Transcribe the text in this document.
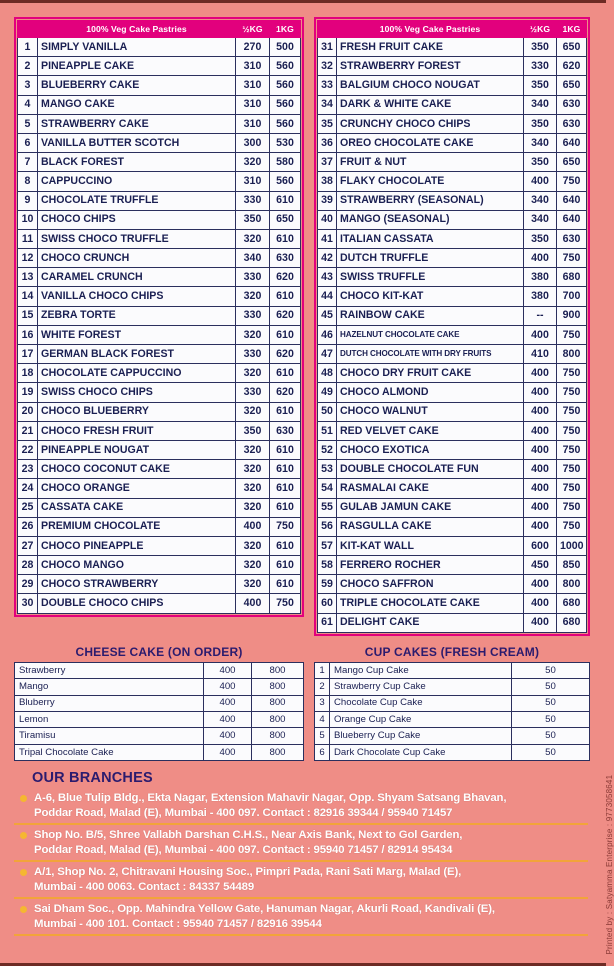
	100% Veg Cake Pastries	½KG	1KG
1	SIMPLY VANILLA	270	500
2	PINEAPPLE CAKE	310	560
3	BLUEBERRY CAKE	310	560
4	MANGO CAKE	310	560
5	STRAWBERRY CAKE	310	560
6	VANILLA BUTTER SCOTCH	300	530
7	BLACK FOREST	320	580
8	CAPPUCCINO	310	560
9	CHOCOLATE TRUFFLE	330	610
10	CHOCO CHIPS	350	650
11	SWISS CHOCO TRUFFLE	320	610
12	CHOCO CRUNCH	340	630
13	CARAMEL CRUNCH	330	620
14	VANILLA CHOCO CHIPS	320	610
15	ZEBRA TORTE	330	620
16	WHITE FOREST	320	610
17	GERMAN BLACK FOREST	330	620
18	CHOCOLATE CAPPUCCINO	320	610
19	SWISS CHOCO CHIPS	330	620
20	CHOCO BLUEBERRY	320	610
21	CHOCO FRESH FRUIT	350	630
22	PINEAPPLE NOUGAT	320	610
23	CHOCO COCONUT CAKE	320	610
24	CHOCO ORANGE	320	610
25	CASSATA CAKE	320	610
26	PREMIUM CHOCOLATE	400	750
27	CHOCO PINEAPPLE	320	610
28	CHOCO MANGO	320	610
29	CHOCO STRAWBERRY	320	610
30	DOUBLE CHOCO CHIPS	400	750
	100% Veg Cake Pastries	½KG	1KG
31	FRESH FRUIT CAKE	350	650
32	STRAWBERRY FOREST	330	620
33	BALGIUM CHOCO NOUGAT	350	650
34	DARK & WHITE CAKE	340	630
35	CRUNCHY CHOCO CHIPS	350	630
36	OREO CHOCOLATE CAKE	340	640
37	FRUIT & NUT	350	650
38	FLAKY CHOCOLATE	400	750
39	STRAWBERRY (SEASONAL)	340	640
40	MANGO (SEASONAL)	340	640
41	ITALIAN CASSATA	350	630
42	DUTCH TRUFFLE	400	750
43	SWISS TRUFFLE	380	680
44	CHOCO KIT-KAT	380	700
45	RAINBOW CAKE	--	900
46	HAZELNUT CHOCOLATE CAKE	400	750
47	DUTCH CHOCOLATE WITH DRY FRUITS	410	800
48	CHOCO DRY FRUIT CAKE	400	750
49	CHOCO ALMOND	400	750
50	CHOCO WALNUT	400	750
51	RED VELVET CAKE	400	750
52	CHOCO EXOTICA	400	750
53	DOUBLE CHOCOLATE FUN	400	750
54	RASMALAI CAKE	400	750
55	GULAB JAMUN CAKE	400	750
56	RASGULLA CAKE	400	750
57	KIT-KAT WALL	600	1000
58	FERRERO ROCHER	450	850
59	CHOCO SAFFRON	400	800
60	TRIPLE CHOCOLATE CAKE	400	680
61	DELIGHT CAKE	400	680
CHEESE CAKE (ON ORDER)
Strawberry	400	800
Mango	400	800
Bluberry	400	800
Lemon	400	800
Tiramisu	400	800
Tripal Chocolate Cake	400	800
CUP CAKES (FRESH CREAM)
1	Mango Cup Cake	50
2	Strawberry Cup Cake	50
3	Chocolate Cup Cake	50
4	Orange Cup Cake	50
5	Blueberry Cup Cake	50
6	Dark Chocolate Cup Cake	50
OUR BRANCHES
A-6, Blue Tulip Bldg., Ekta Nagar, Extension Mahavir Nagar, Opp. Shyam Satsang Bhavan,
Poddar Road, Malad (E), Mumbai - 400 097. Contact : 82916 39344 / 95940 71457
Shop No. B/5, Shree Vallabh Darshan C.H.S., Near Axis Bank, Next to Gol Garden,
Poddar Road, Malad (E), Mumbai - 400 097. Contact : 95940 71457 / 82914 95434
A/1, Shop No. 2, Chitravani Housing Soc., Pimpri Pada, Rani Sati Marg, Malad (E),
Mumbai - 400 0063. Contact : 84337 54489
Sai Dham Soc., Opp. Mahindra Yellow Gate, Hanuman Nagar, Akurli Road, Kandivali (E),
Mumbai - 400 101. Contact : 95940 71457 / 82916 39544	Printed by : Satyamma Enterprise : 9773058641
